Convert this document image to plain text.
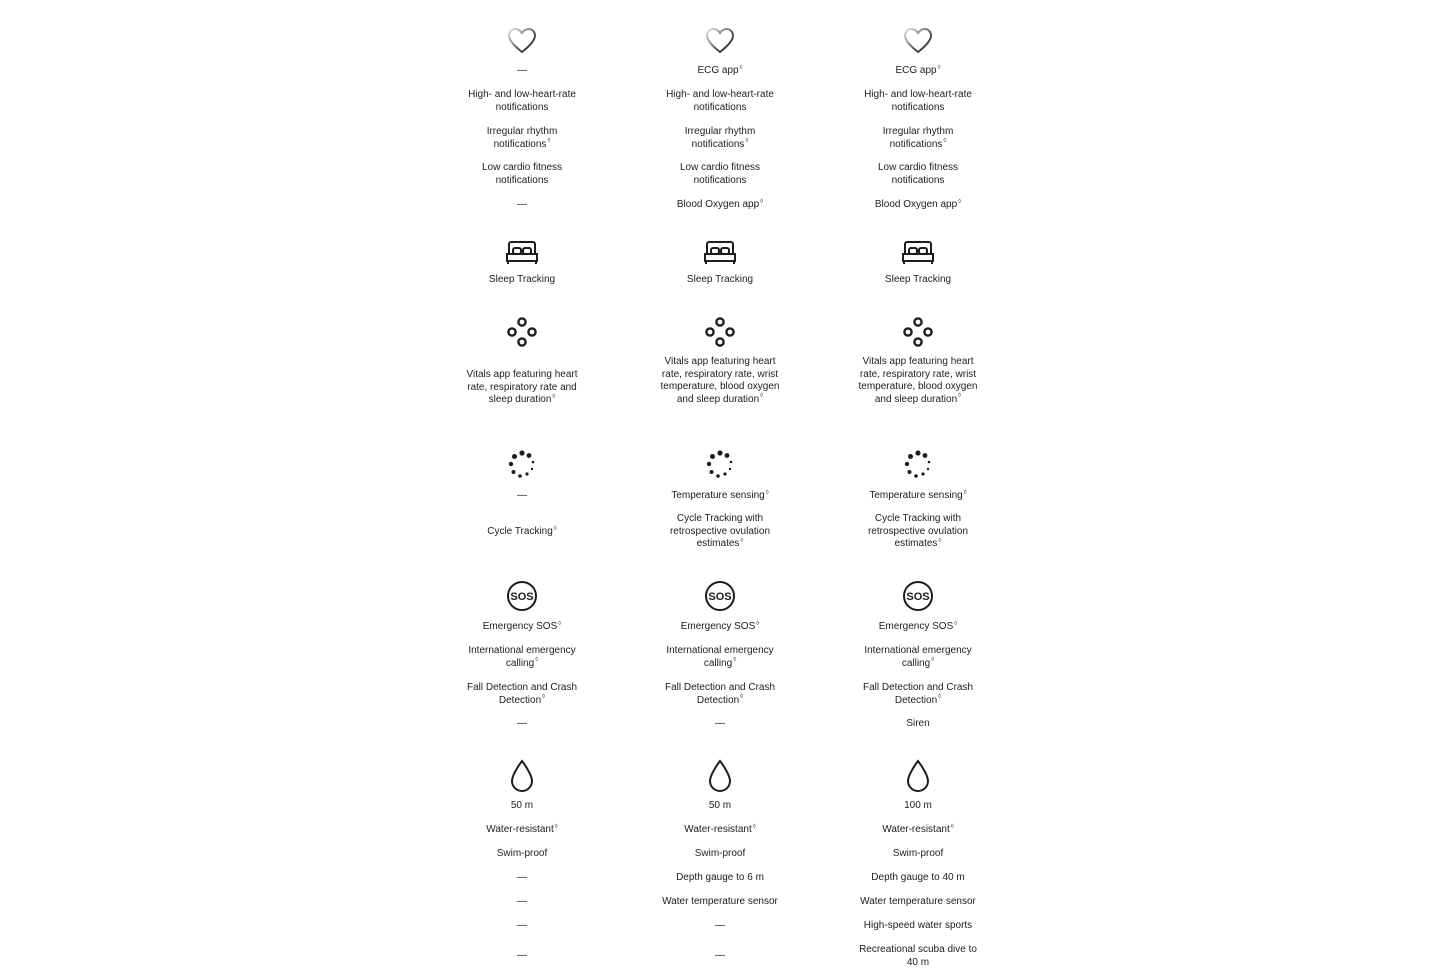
—
High- and low-heart-rate notifications
Irregular rhythm notifications◊
Low cardio fitness notifications
—
Sleep Tracking
Vitals app featuring heart rate, respiratory rate and sleep duration◊
—
Cycle Tracking◊
SOS
Emergency SOS◊
International emergency calling◊
Fall Detection and Crash Detection◊
—
50 m
Water-resistant◊
Swim-proof
—
—
—
—
ECG app◊
High- and low-heart-rate notifications
Irregular rhythm notifications◊
Low cardio fitness notifications
Blood Oxygen app◊
Sleep Tracking
Vitals app featuring heart rate, respiratory rate, wrist temperature, blood oxygen and sleep duration◊
Temperature sensing◊
Cycle Tracking with retrospective ovulation estimates◊
SOS
Emergency SOS◊
International emergency calling◊
Fall Detection and Crash Detection◊
—
50 m
Water-resistant◊
Swim-proof
Depth gauge to 6 m
Water temperature sensor
—
—
ECG app◊
High- and low-heart-rate notifications
Irregular rhythm notifications◊
Low cardio fitness notifications
Blood Oxygen app◊
Sleep Tracking
Vitals app featuring heart rate, respiratory rate, wrist temperature, blood oxygen and sleep duration◊
Temperature sensing◊
Cycle Tracking with retrospective ovulation estimates◊
SOS
Emergency SOS◊
International emergency calling◊
Fall Detection and Crash Detection◊
Siren
100 m
Water-resistant◊
Swim-proof
Depth gauge to 40 m
Water temperature sensor
High-speed water sports
Recreational scuba dive to 40 m
